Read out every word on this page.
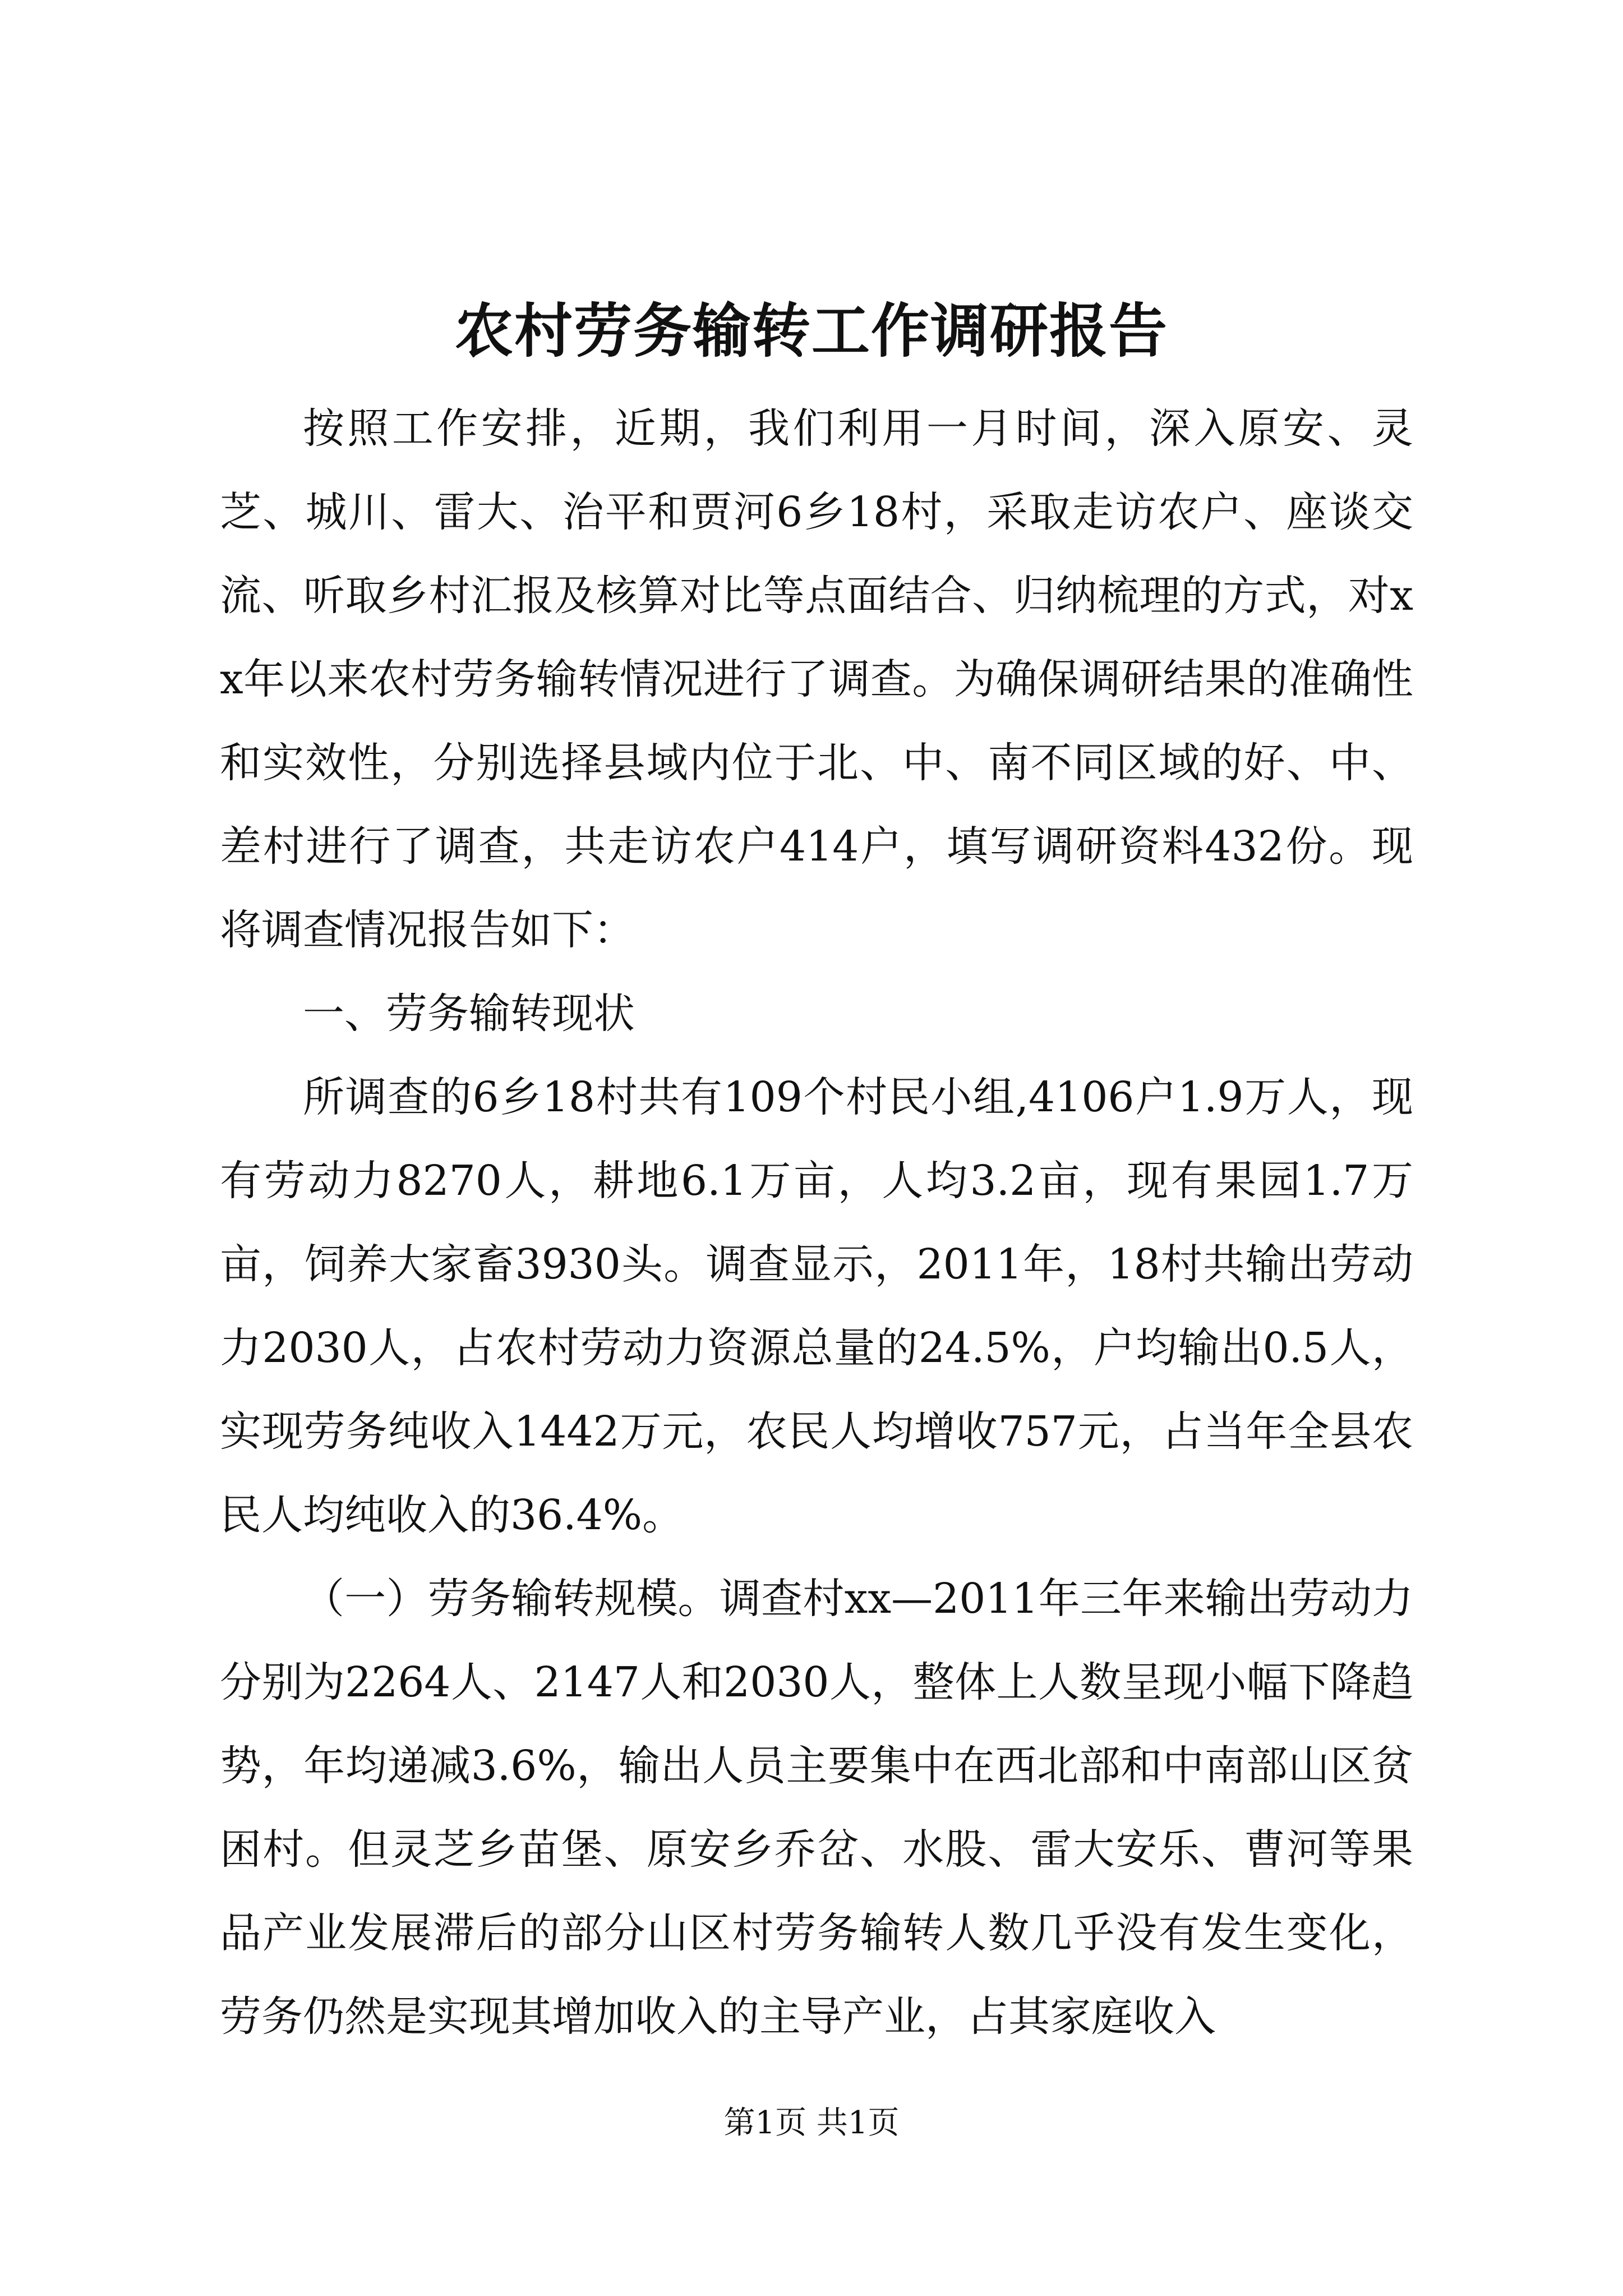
农村劳务输转工作调研报告

按照工作安排，近期，我们利用一月时间，深入原安、灵芝、城川、雷大、治平和贾河6乡18村，采取走访农户、座谈交流、听取乡村汇报及核算对比等点面结合、归纳梳理的方式，对xx年以来农村劳务输转情况进行了调查。为确保调研结果的准确性和实效性，分别选择县域内位于北、中、南不同区域的好、中、差村进行了调查，共走访农户414户，填写调研资料432份。现将调查情况报告如下：

一、劳务输转现状

所调查的6乡18村共有109个村民小组,4106户1.9万人，现有劳动力8270人，耕地6.1万亩，人均3.2亩，现有果园1.7万亩，饲养大家畜3930头。调查显示，2011年，18村共输出劳动力2030人，占农村劳动力资源总量的24.5%，户均输出0.5人，实现劳务纯收入1442万元，农民人均增收757元，占当年全县农民人均纯收入的36.4%。

（一）劳务输转规模。调查村xx—2011年三年来输出劳动力分别为2264人、2147人和2030人，整体上人数呈现小幅下降趋势，年均递减3.6%，输出人员主要集中在西北部和中南部山区贫困村。但灵芝乡苗堡、原安乡乔岔、水股、雷大安乐、曹河等果品产业发展滞后的部分山区村劳务输转人数几乎没有发生变化，劳务仍然是实现其增加收入的主导产业，占其家庭收入

第1页 共1页
